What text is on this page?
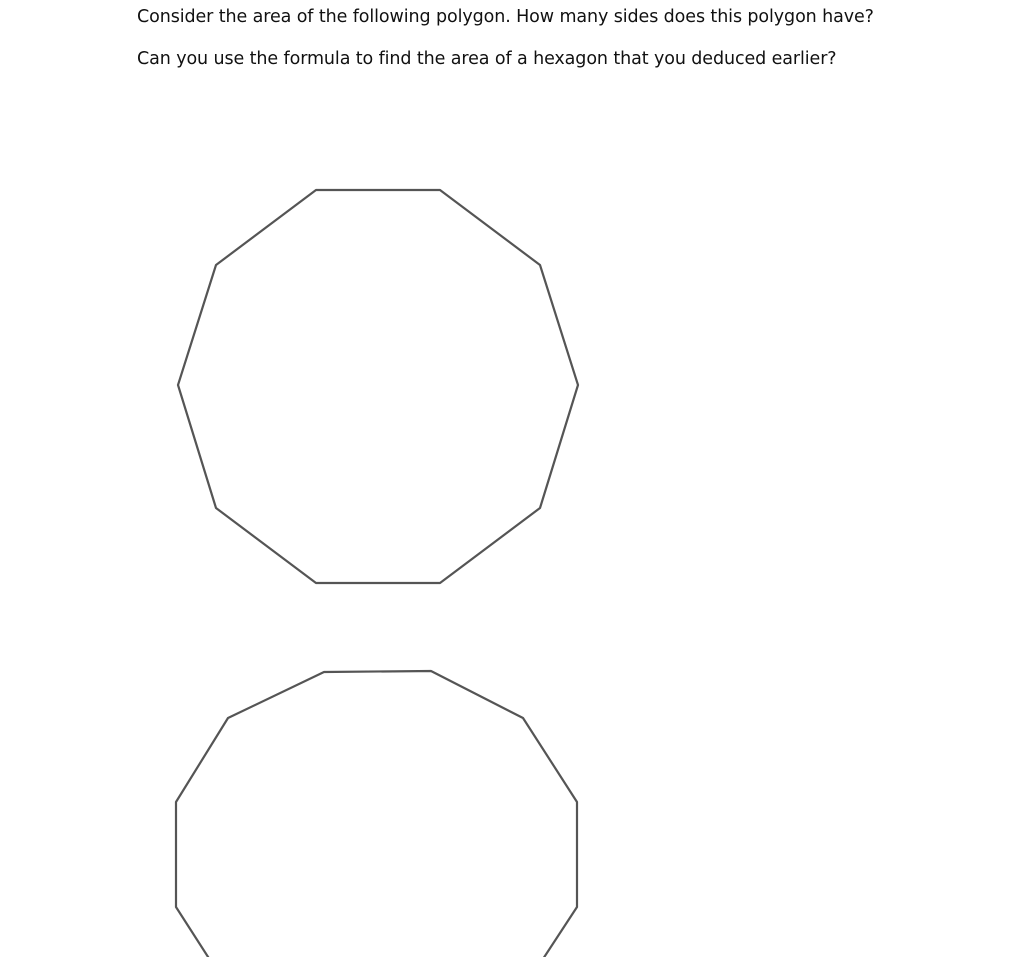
Consider the area of the following polygon. How many sides does this polygon have?

Can you use the formula to find the area of a hexagon that you deduced earlier?
